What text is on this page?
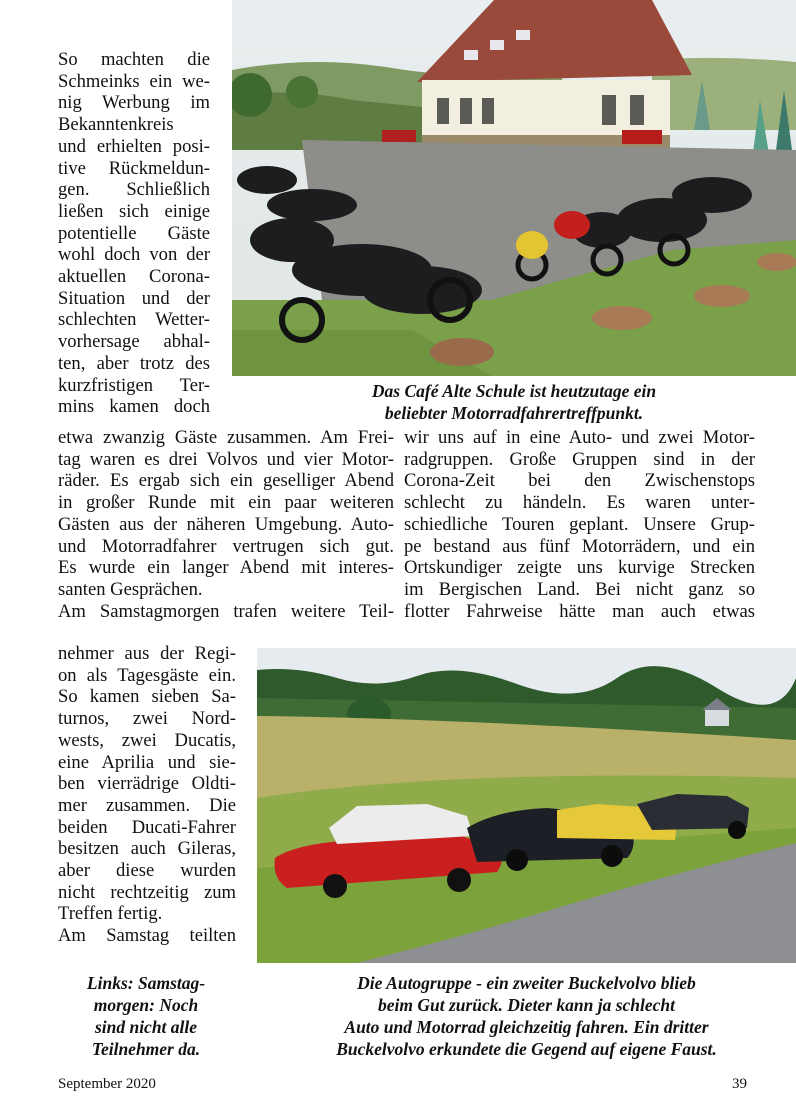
So machten die
Schmeinks ein we-
nig Werbung im
Bekanntenkreis
und erhielten posi-
tive Rückmeldun-
gen. Schließlich
ließen sich einige
potentielle Gäste
wohl doch von der
aktuellen Corona-
Situation und der
schlechten Wetter-
vorhersage abhal-
ten, aber trotz des
kurzfristigen Ter-
mins kamen doch
Das Café Alte Schule ist heutzutage ein
beliebter Motorradfahrertreffpunkt.
etwa zwanzig Gäste zusammen. Am Frei-
tag waren es drei Volvos und vier Motor-
räder. Es ergab sich ein geselliger Abend
in großer Runde mit ein paar weiteren
Gästen aus der näheren Umgebung. Auto-
und Motorradfahrer vertrugen sich gut.
Es wurde ein langer Abend mit interes-
santen Gesprächen.
Am Samstagmorgen trafen weitere Teil-
wir uns auf in eine Auto- und zwei Motor-
radgruppen. Große Gruppen sind in der
Corona-Zeit bei den Zwischenstops
schlecht zu händeln. Es waren unter-
schiedliche Touren geplant. Unsere Grup-
pe bestand aus fünf Motorrädern, und ein
Ortskundiger zeigte uns kurvige Strecken
im Bergischen Land. Bei nicht ganz so
flotter Fahrweise hätte man auch etwas
nehmer aus der Regi-
on als Tagesgäste ein.
So kamen sieben Sa-
turnos, zwei Nord-
wests, zwei Ducatis,
eine Aprilia und sie-
ben vierrädrige Oldti-
mer zusammen. Die
beiden Ducati-Fahrer
besitzen auch Gileras,
aber diese wurden
nicht rechtzeitig zum
Treffen fertig.
Am Samstag teilten
Links: Samstag-
morgen: Noch
sind nicht alle
Teilnehmer da.
Die Autogruppe - ein zweiter Buckelvolvo blieb
beim Gut zurück. Dieter kann ja schlecht
Auto und Motorrad gleichzeitig fahren. Ein dritter
Buckelvolvo erkundete die Gegend auf eigene Faust.
September 2020	39
